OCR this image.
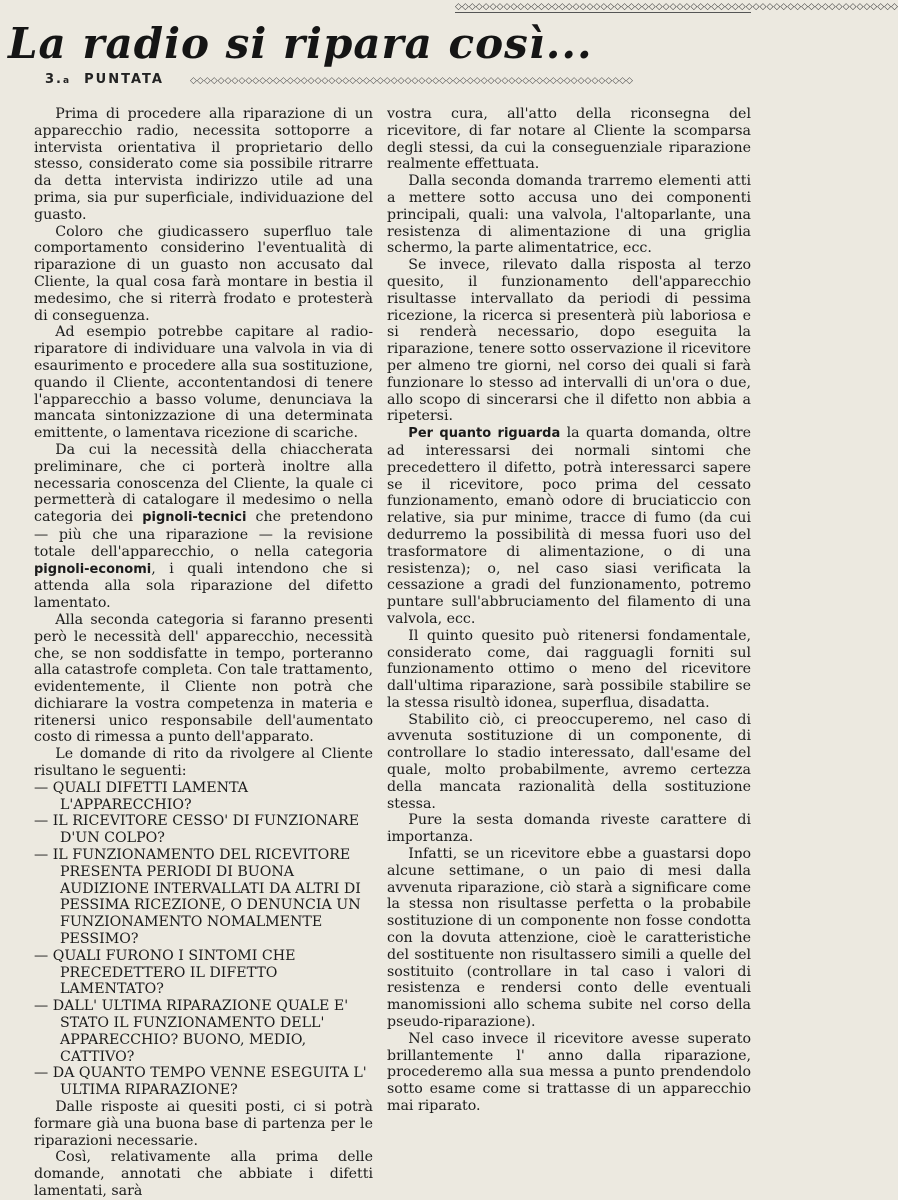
◇◇◇◇◇◇◇◇◇◇◇◇◇◇◇◇◇◇◇◇◇◇◇◇◇◇◇◇◇◇◇◇◇◇◇◇◇◇◇◇◇◇◇◇◇◇◇◇◇◇◇◇◇◇◇◇◇◇◇◇◇◇◇◇
La radio si ripara così...
3.a PUNTATA	◇◇◇◇◇◇◇◇◇◇◇◇◇◇◇◇◇◇◇◇◇◇◇◇◇◇◇◇◇◇◇◇◇◇◇◇◇◇◇◇◇◇◇◇◇◇◇◇◇◇◇◇◇◇◇◇◇◇◇◇◇◇◇◇

Prima di procedere alla riparazione di un apparecchio radio, necessita sottoporre a intervista orientativa il proprietario dello stesso, considerato come sia possibile ritrarre da detta intervista indirizzo utile ad una prima, sia pur superficiale, individuazione del guasto.

Coloro che giudicassero superfluo tale comportamento considerino l'eventualità di riparazione di un guasto non accusato dal Cliente, la qual cosa farà montare in bestia il medesimo, che si riterrà frodato e protesterà di conseguenza.

Ad esempio potrebbe capitare al radio-riparatore di individuare una valvola in via di esaurimento e procedere alla sua sostituzione, quando il Cliente, accontentandosi di tenere l'apparecchio a basso volume, denunciava la mancata sintonizzazione di una determinata emittente, o lamentava ricezione di scariche.

Da cui la necessità della chiaccherata preliminare, che ci porterà inoltre alla necessaria conoscenza del Cliente, la quale ci permetterà di catalogare il medesimo o nella categoria dei pignoli-tecnici che pretendono — più che una riparazione — la revisione totale dell'apparecchio, o nella categoria pignoli-economi, i quali intendono che si attenda alla sola riparazione del difetto lamentato.

Alla seconda categoria si faranno presenti però le necessità dell' apparecchio, necessità che, se non soddisfatte in tempo, porteranno alla catastrofe completa. Con tale trattamento, evidentemente, il Cliente non potrà che dichiarare la vostra competenza in materia e ritenersi unico responsabile dell'aumentato costo di rimessa a punto dell'apparato.

Le domande di rito da rivolgere al Cliente risultano le seguenti:

— QUALI DIFETTI LAMENTA L'APPARECCHIO?

— IL RICEVITORE CESSO' DI FUNZIONARE D'UN COLPO?

— IL FUNZIONAMENTO DEL RICEVITORE PRESENTA PERIODI DI BUONA AUDIZIONE INTERVALLATI DA ALTRI DI PESSIMA RICEZIONE, O DENUNCIA UN FUNZIONAMENTO NOMALMENTE PESSIMO?

— QUALI FURONO I SINTOMI CHE PRECEDETTERO IL DIFETTO LAMENTATO?

— DALL' ULTIMA RIPARAZIONE QUALE E' STATO IL FUNZIONAMENTO DELL' APPARECCHIO? BUONO, MEDIO, CATTIVO?

— DA QUANTO TEMPO VENNE ESEGUITA L' ULTIMA RIPARAZIONE?

Dalle risposte ai quesiti posti, ci si potrà formare già una buona base di partenza per le riparazioni necessarie.

Così, relativamente alla prima delle domande, annotati che abbiate i difetti lamentati, sarà

vostra cura, all'atto della riconsegna del ricevitore, di far notare al Cliente la scomparsa degli stessi, da cui la conseguenziale riparazione realmente effettuata.

Dalla seconda domanda trarremo elementi atti a mettere sotto accusa uno dei componenti principali, quali: una valvola, l'altoparlante, una resistenza di alimentazione di una griglia schermo, la parte alimentatrice, ecc.

Se invece, rilevato dalla risposta al terzo quesito, il funzionamento dell'apparecchio risultasse intervallato da periodi di pessima ricezione, la ricerca si presenterà più laboriosa e si renderà necessario, dopo eseguita la riparazione, tenere sotto osservazione il ricevitore per almeno tre giorni, nel corso dei quali si farà funzionare lo stesso ad intervalli di un'ora o due, allo scopo di sincerarsi che il difetto non abbia a ripetersi.

Per quanto riguarda la quarta domanda, oltre ad interessarsi dei normali sintomi che precedettero il difetto, potrà interessarci sapere se il ricevitore, poco prima del cessato funzionamento, emanò odore di bruciaticcio con relative, sia pur minime, tracce di fumo (da cui dedurremo la possibilità di messa fuori uso del trasformatore di alimentazione, o di una resistenza); o, nel caso siasi verificata la cessazione a gradi del funzionamento, potremo puntare sull'abbruciamento del filamento di una valvola, ecc.

Il quinto quesito può ritenersi fondamentale, considerato come, dai ragguagli forniti sul funzionamento ottimo o meno del ricevitore dall'ultima riparazione, sarà possibile stabilire se la stessa risultò idonea, superflua, disadatta.

Stabilito ciò, ci preoccuperemo, nel caso di avvenuta sostituzione di un componente, di controllare lo stadio interessato, dall'esame del quale, molto probabilmente, avremo certezza della mancata razionalità della sostituzione stessa.

Pure la sesta domanda riveste carattere di importanza.

Infatti, se un ricevitore ebbe a guastarsi dopo alcune settimane, o un paio di mesi dalla avvenuta riparazione, ciò starà a significare come la stessa non risultasse perfetta o la probabile sostituzione di un componente non fosse condotta con la dovuta attenzione, cioè le caratteristiche del sostituente non risultassero simili a quelle del sostituito (controllare in tal caso i valori di resistenza e rendersi conto delle eventuali manomissioni allo schema subite nel corso della pseudo-riparazione).

Nel caso invece il ricevitore avesse superato brillantemente l' anno dalla riparazione, procederemo alla sua messa a punto prendendolo sotto esame come si trattasse di un apparecchio mai riparato.
